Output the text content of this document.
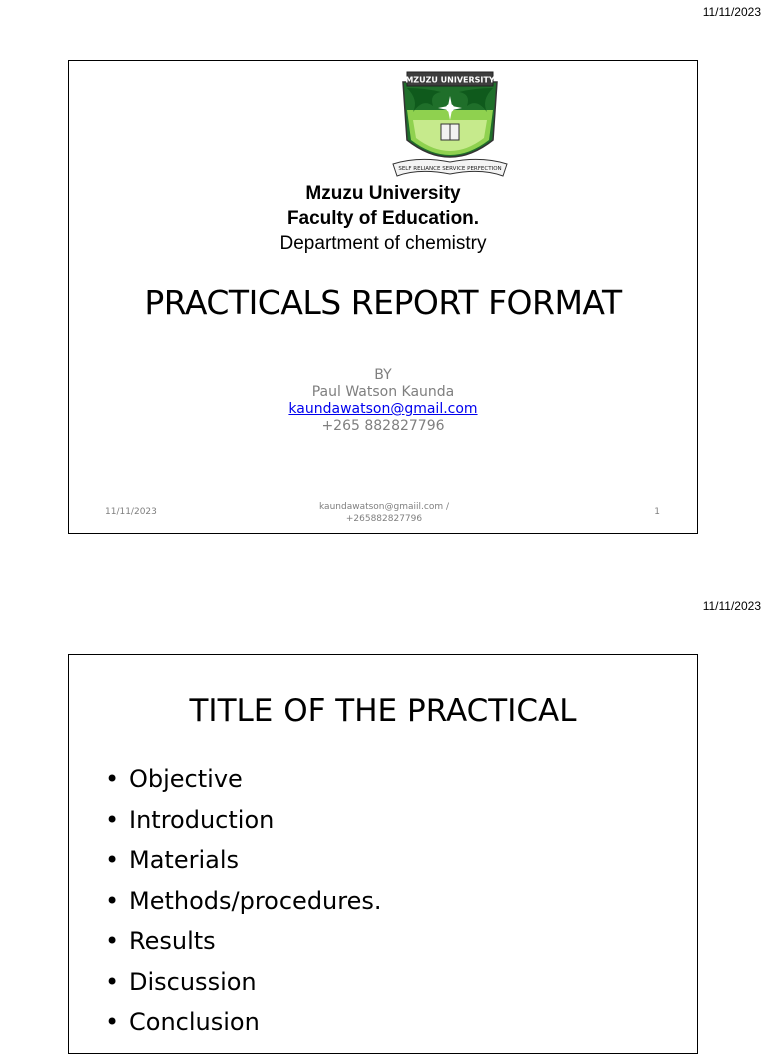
11/11/2023
MZUZU UNIVERSITY
SELF RELIANCE SERVICE PERFECTION
Mzuzu University
Faculty of Education.
Department of chemistry
PRACTICALS REPORT FORMAT
BY
Paul Watson Kaunda
kaundawatson@gmail.com
+265 882827796
11/11/2023	kaundawatson@gmaiil.com /
+265882827796
1
11/11/2023
TITLE OF THE PRACTICAL
• Objective
• Introduction
• Materials
• Methods/procedures.
• Results
• Discussion
• Conclusion
